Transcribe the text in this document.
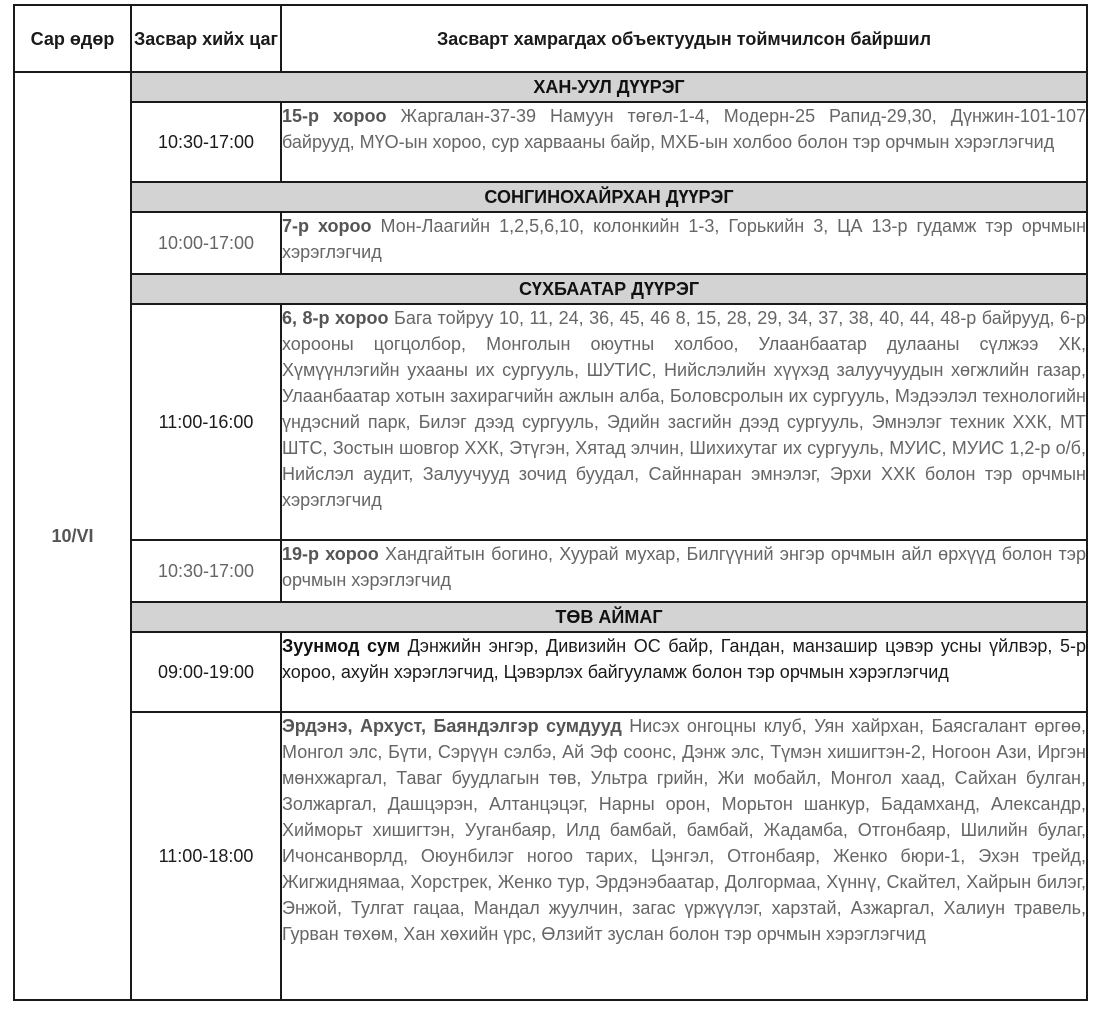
Сар өдөр	Засвар хийх цаг	Засварт хамрагдах объектуудын тоймчилсон байршил
10/VI	ХАН-УУЛ ДҮҮРЭГ	
	10:30-17:00	15-р хороо Жаргалан-37-39 Намуун төгөл-1-4, Модерн-25 Рапид-29,30, Дүнжин-101-107 байрууд, МҮО-ын хороо, сур харвааны байр, МХБ-ын холбоо болон тэр орчмын хэрэглэгчид
	СОНГИНОХАЙРХАН ДҮҮРЭГ	
	10:00-17:00	7-р хороо Мон-Лаагийн 1,2,5,6,10, колонкийн 1-3, Горькийн 3, ЦА 13-р гудамж тэр орчмын хэрэглэгчид
	СҮХБААТАР ДҮҮРЭГ	
	11:00-16:00	6, 8-р хороо Бага тойруу 10, 11, 24, 36, 45, 46 8, 15, 28, 29, 34, 37, 38, 40, 44, 48-р байрууд, 6-р хорооны цогцолбор, Монголын оюутны холбоо, Улаанбаатар дулааны сүлжээ ХК, Хүмүүнлэгийн ухааны их сургууль, ШУТИС, Нийслэлийн хүүхэд залуучуудын хөгжлийн газар, Улаанбаатар хотын захирагчийн ажлын алба, Боловсролын их сургууль, Мэдээлэл технологийн үндэсний парк, Билэг дээд сургууль, Эдийн засгийн дээд сургууль, Эмнэлэг техник ХХК, МТ ШТС, Зостын шовгор ХХК, Этүгэн, Хятад элчин, Шихихутаг их сургууль, МУИС, МУИС 1,2-р о/б, Нийслэл аудит, Залуучууд зочид буудал, Сайннаран эмнэлэг, Эрхи ХХК болон тэр орчмын хэрэглэгчид
	10:30-17:00	19-р хороо Хандгайтын богино, Хуурай мухар, Билгүүний энгэр орчмын айл өрхүүд болон тэр орчмын хэрэглэгчид
	ТӨВ АЙМАГ	
	09:00-19:00	Зуунмод сум Дэнжийн энгэр, Дивизийн ОС байр, Гандан, манзашир цэвэр усны үйлвэр, 5-р хороо, ахуйн хэрэглэгчид, Цэвэрлэх байгууламж болон тэр орчмын хэрэглэгчид
	11:00-18:00	Эрдэнэ, Архуст, Баяндэлгэр сумдууд Нисэх онгоцны клуб, Уян хайрхан, Баясгалант өргөө, Монгол элс, Бүти, Сэрүүн сэлбэ, Ай Эф соонс, Дэнж элс, Түмэн хишигтэн-2, Ногоон Ази, Иргэн мөнхжаргал, Таваг буудлагын төв, Ультра грийн, Жи мобайл, Монгол хаад, Сайхан булган, Золжаргал, Дашцэрэн, Алтанцэцэг, Нарны орон, Морьтон шанкур, Бадамханд, Александр, Хийморьт хишигтэн, Ууганбаяр, Илд бамбай, бамбай, Жадамба, Отгонбаяр, Шилийн булаг, Ичонсанворлд, Оюунбилэг ногоо тарих, Цэнгэл, Отгонбаяр, Женко бюри-1, Эхэн трейд, Жигжиднямаа, Хорстрек, Женко тур, Эрдэнэбаатар, Долгормаа, Хүннү, Скайтел, Хайрын билэг, Энжой, Тулгат гацаа, Мандал жуулчин, загас үржүүлэг, харзтай, Азжаргал, Халиун травель, Гурван төхөм, Хан хөхийн үрс, Өлзийт зуслан болон тэр орчмын хэрэглэгчид
